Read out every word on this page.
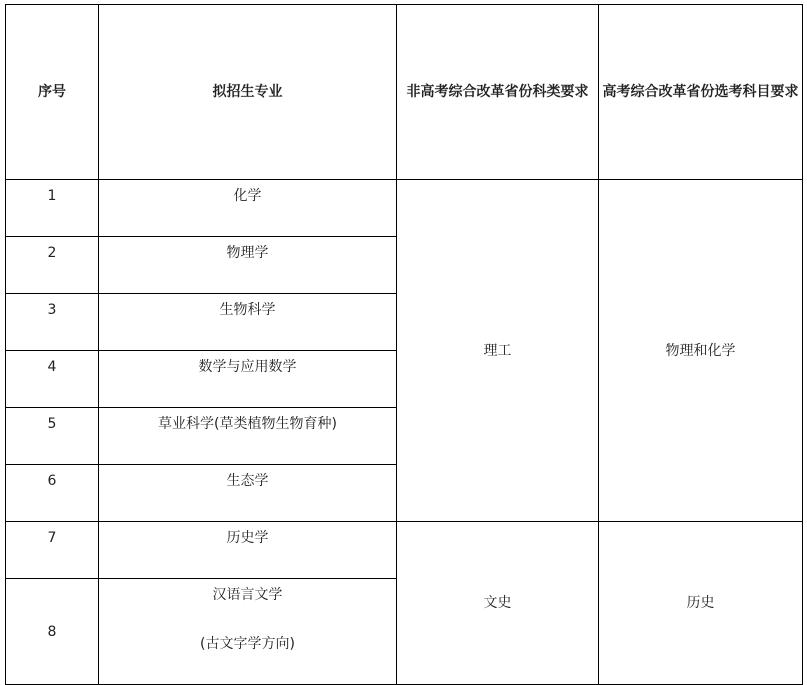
序号	拟招生专业	非高考综合改革省份科类要求	高考综合改革省份选考科目要求
1	化学	理工	物理和化学
2	物理学		
3	生物科学		
4	数学与应用数学		
5	草业科学(草类植物生物育种)		
6	生态学		
7	历史学	文史	历史
8	汉语言文学
(古文字学方向)		
